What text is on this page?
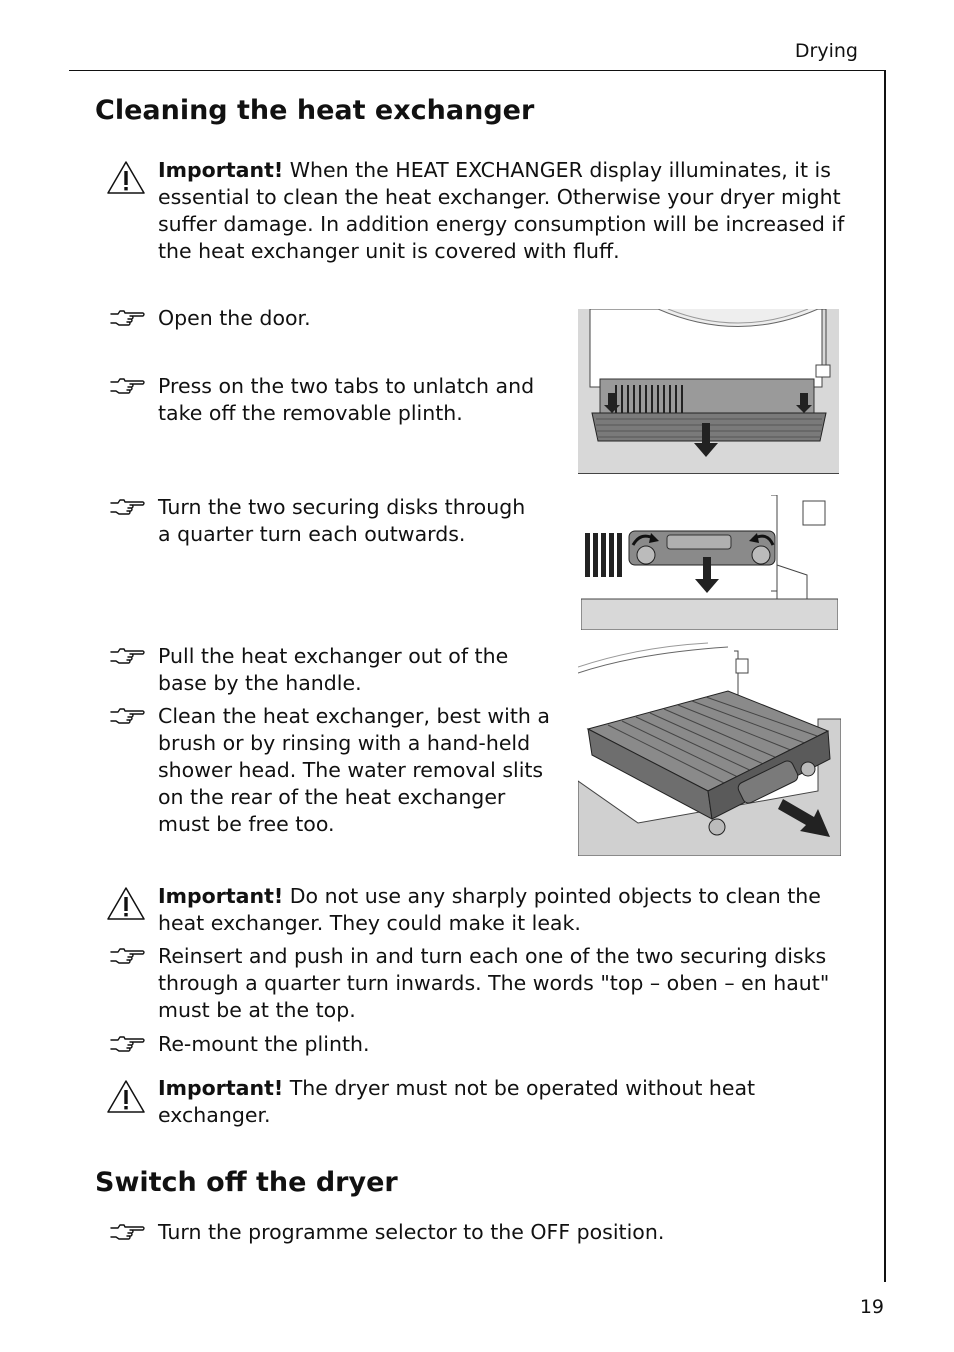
Drying
Cleaning the heat exchanger
Important! When the HEAT EXCHANGER display illuminates, it is essential to clean the heat exchanger. Otherwise your dryer might suffer damage. In addition energy consumption will be increased if the heat exchanger unit is covered with fluff.
Open the door.
Press on the two tabs to unlatch and take off the removable plinth.
Turn the two securing disks through a quarter turn each outwards.
Pull the heat exchanger out of the base by the handle.
Clean the heat exchanger, best with a brush or by rinsing with a hand-held shower head. The water removal slits on the rear of the heat exchanger must be free too.
Important! Do not use any sharply pointed objects to clean the heat exchanger. They could make it leak.
Reinsert and push in and turn each one of the two securing disks through a quarter turn inwards. The words "top – oben – en haut" must be at the top.
Re-mount the plinth.
Important! The dryer must not be operated without heat exchanger.
Switch off the dryer
Turn the programme selector to the OFF position.
19
